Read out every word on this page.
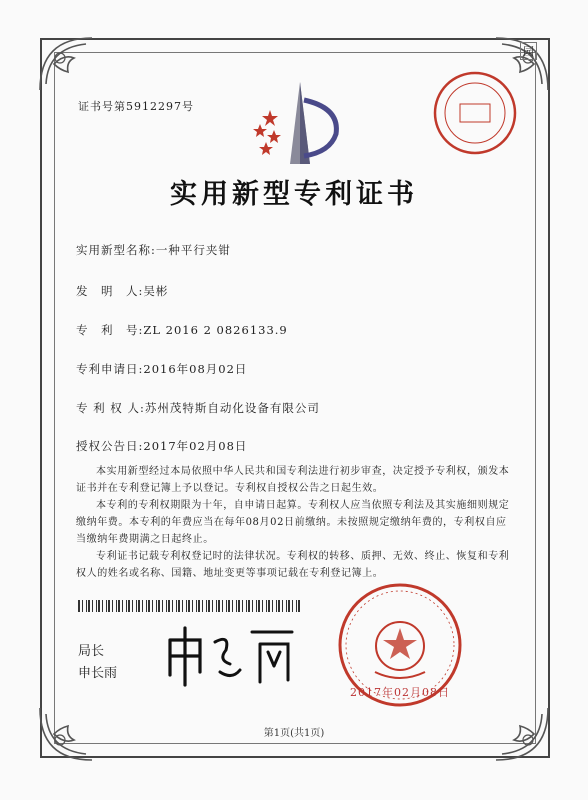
园
证书号第5912297号
实用新型专利证书
实用新型名称:一种平行夹钳
发　明　人:吴彬
专　利　号:ZL 2016 2 0826133.9
专利申请日:2016年08月02日
专 利 权 人:苏州茂特斯自动化设备有限公司
授权公告日:2017年02月08日

本实用新型经过本局依照中华人民共和国专利法进行初步审查，决定授予专利权，颁发本证书并在专利登记簿上予以登记。专利权自授权公告之日起生效。

本专利的专利权期限为十年，自申请日起算。专利权人应当依照专利法及其实施细则规定缴纳年费。本专利的年费应当在每年08月02日前缴纳。未按照规定缴纳年费的，专利权自应当缴纳年费期满之日起终止。

专利证书记载专利权登记时的法律状况。专利权的转移、质押、无效、终止、恢复和专利权人的姓名或名称、国籍、地址变更等事项记载在专利登记簿上。

局长
申长雨
2017年02月08日
第1页(共1页)
